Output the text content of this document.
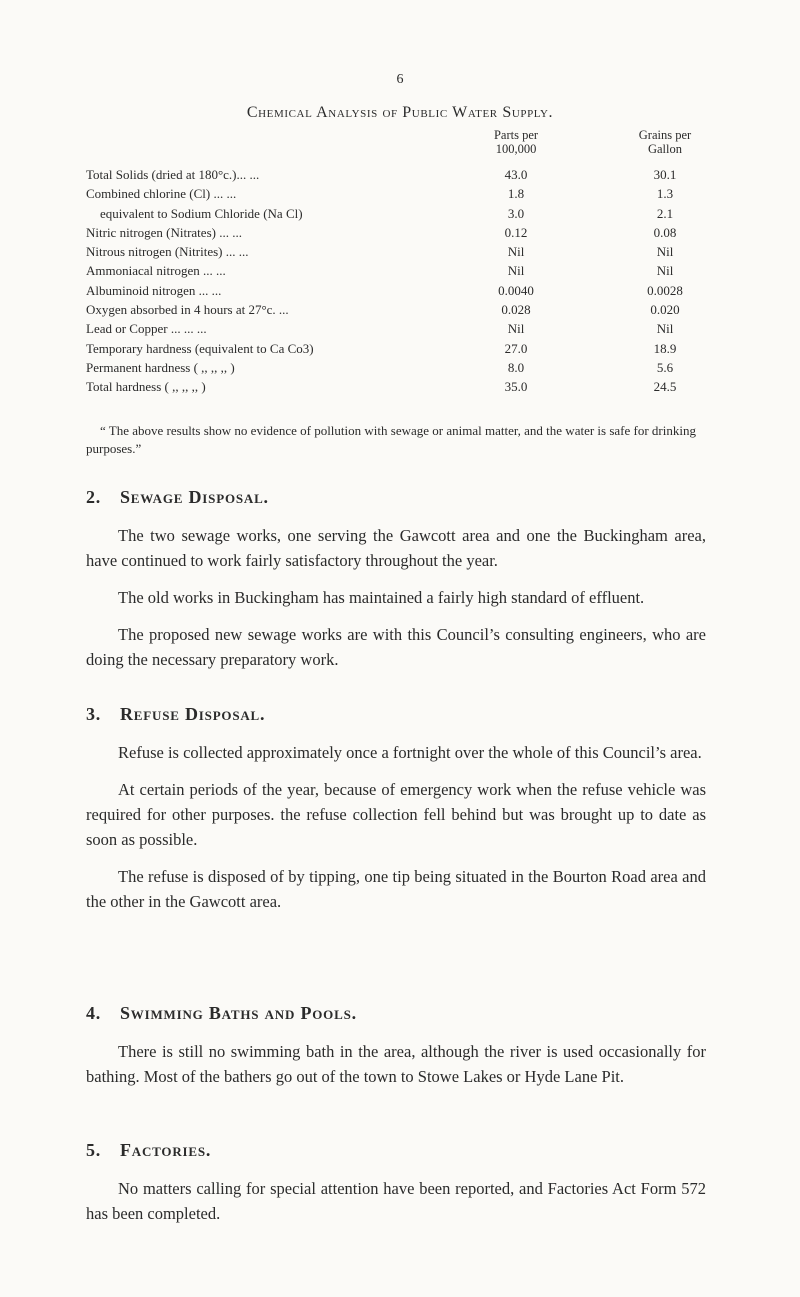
6
Chemical Analysis of Public Water Supply.
Parts per
100,000
Grains per
Gallon
Total Solids (dried at 180°c.)... ...	43.0	30.1
Combined chlorine (Cl) ... ...	1.8	1.3
equivalent to Sodium Chloride (Na Cl)	3.0	2.1
Nitric nitrogen (Nitrates) ... ...	0.12	0.08
Nitrous nitrogen (Nitrites) ... ...	Nil	Nil
Ammoniacal nitrogen ... ...	Nil	Nil
Albuminoid nitrogen ... ...	0.0040	0.0028
Oxygen absorbed in 4 hours at 27°c. ...	0.028	0.020
Lead or Copper ... ... ...	Nil	Nil
Temporary hardness (equivalent to Ca Co3)	27.0	18.9
Permanent hardness ( ,, ,, ,, )	8.0	5.6
Total hardness ( ,, ,, ,, )	35.0	24.5

“ The above results show no evidence of pollution with sewage or animal matter, and the water is safe for drinking purposes.”

2. Sewage Disposal.

The two sewage works, one serving the Gawcott area and one the Buckingham area, have continued to work fairly satisfactory throughout the year.

The old works in Buckingham has maintained a fairly high standard of effluent.

The proposed new sewage works are with this Council’s consulting engineers, who are doing the necessary preparatory work.

3. Refuse Disposal.

Refuse is collected approximately once a fortnight over the whole of this Council’s area.

At certain periods of the year, because of emergency work when the refuse vehicle was required for other purposes. the refuse collection fell behind but was brought up to date as soon as possible.

The refuse is disposed of by tipping, one tip being situated in the Bourton Road area and the other in the Gawcott area.

4. Swimming Baths and Pools.

There is still no swimming bath in the area, although the river is used occasionally for bathing. Most of the bathers go out of the town to Stowe Lakes or Hyde Lane Pit.

5. Factories.

No matters calling for special attention have been reported, and Factories Act Form 572 has been completed.
